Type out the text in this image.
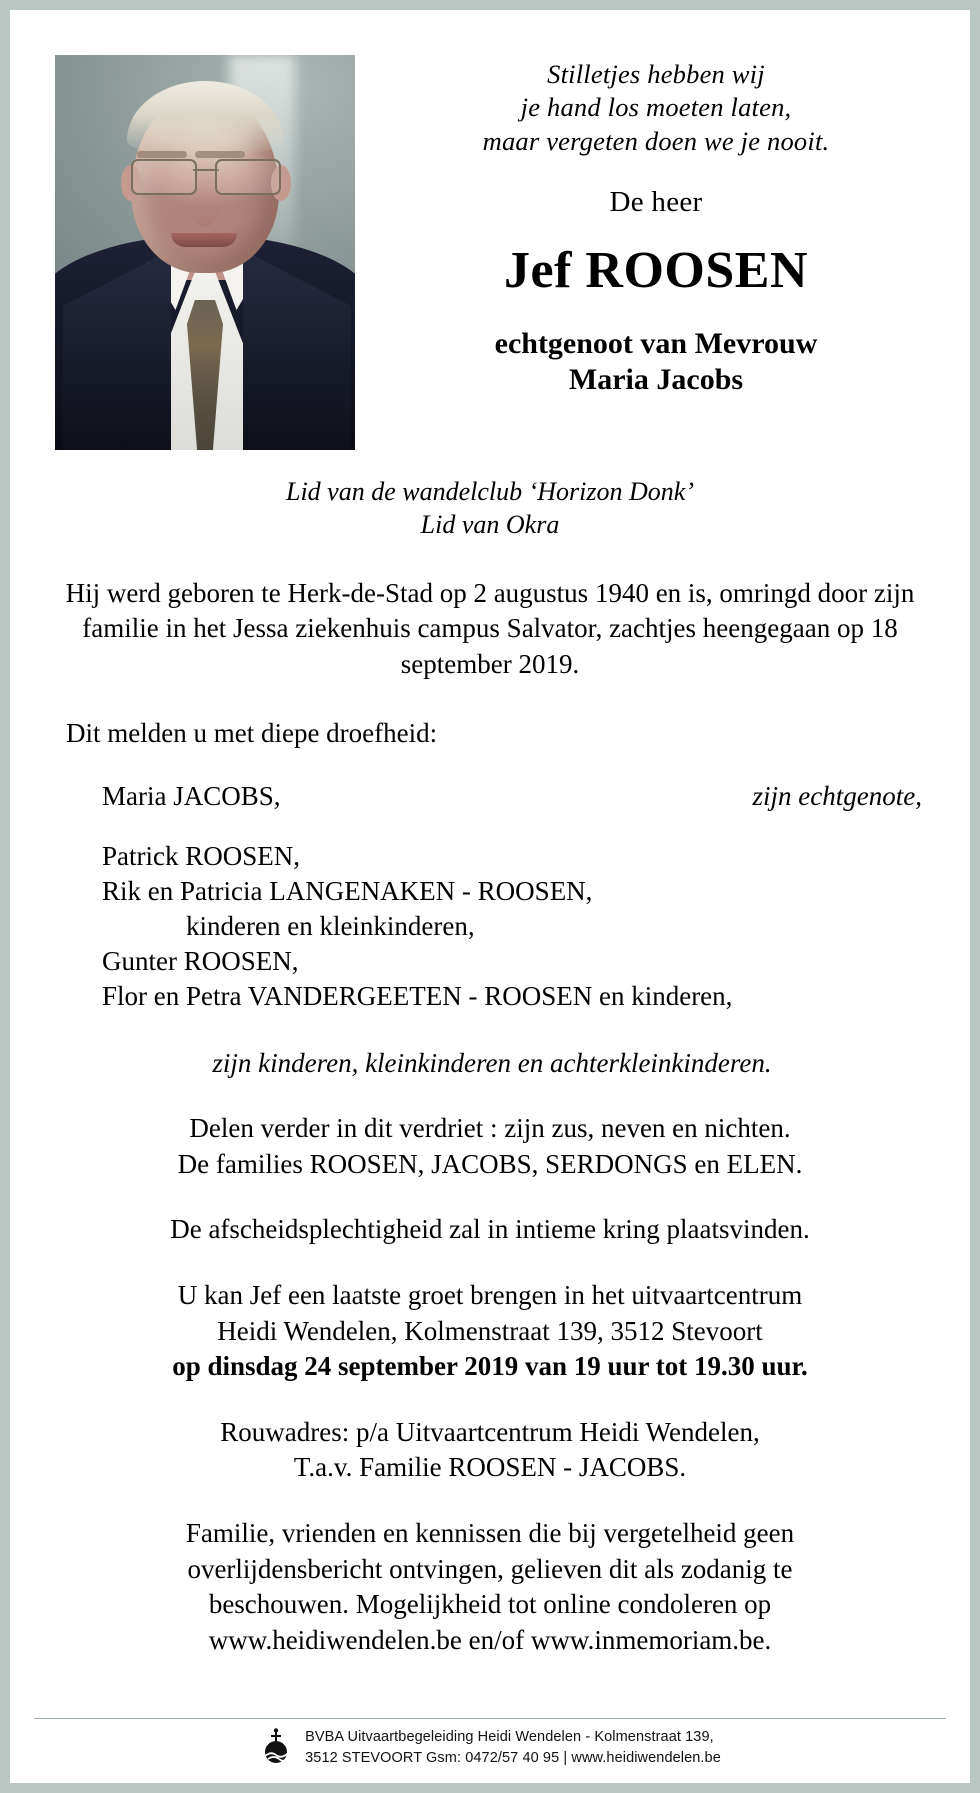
Stilletjes hebben wij
je hand los moeten laten,
maar vergeten doen we je nooit.
De heer
Jef ROOSEN
echtgenoot van Mevrouw
Maria Jacobs
Lid van de wandelclub ‘Horizon Donk’
Lid van Okra
Hij werd geboren te Herk-de-Stad op 2 augustus 1940 en is, omringd door zijn familie in het Jessa ziekenhuis campus Salvator, zachtjes heengegaan op 18 september 2019.
Dit melden u met diepe droefheid:
Maria JACOBS,	zijn echtgenote,
Patrick ROOSEN,
Rik en Patricia LANGENAKEN - ROOSEN,
kinderen en kleinkinderen,
Gunter ROOSEN,
Flor en Petra VANDERGEETEN - ROOSEN en kinderen,
zijn kinderen, kleinkinderen en achterkleinkinderen.
Delen verder in dit verdriet : zijn zus, neven en nichten.
De families ROOSEN, JACOBS, SERDONGS en ELEN.
De afscheidsplechtigheid zal in intieme kring plaatsvinden.
U kan Jef een laatste groet brengen in het uitvaartcentrum
Heidi Wendelen, Kolmenstraat 139, 3512 Stevoort
op dinsdag 24 september 2019 van 19 uur tot 19.30 uur.
Rouwadres: p/a Uitvaartcentrum Heidi Wendelen,
T.a.v. Familie ROOSEN - JACOBS.
Familie, vrienden en kennissen die bij vergetelheid geen
overlijdensbericht ontvingen, gelieven dit als zodanig te
beschouwen. Mogelijkheid tot online condoleren op
www.heidiwendelen.be en/of www.inmemoriam.be.
BVBA Uitvaartbegeleiding Heidi Wendelen - Kolmenstraat 139,
3512 STEVOORT Gsm: 0472/57 40 95 | www.heidiwendelen.be
